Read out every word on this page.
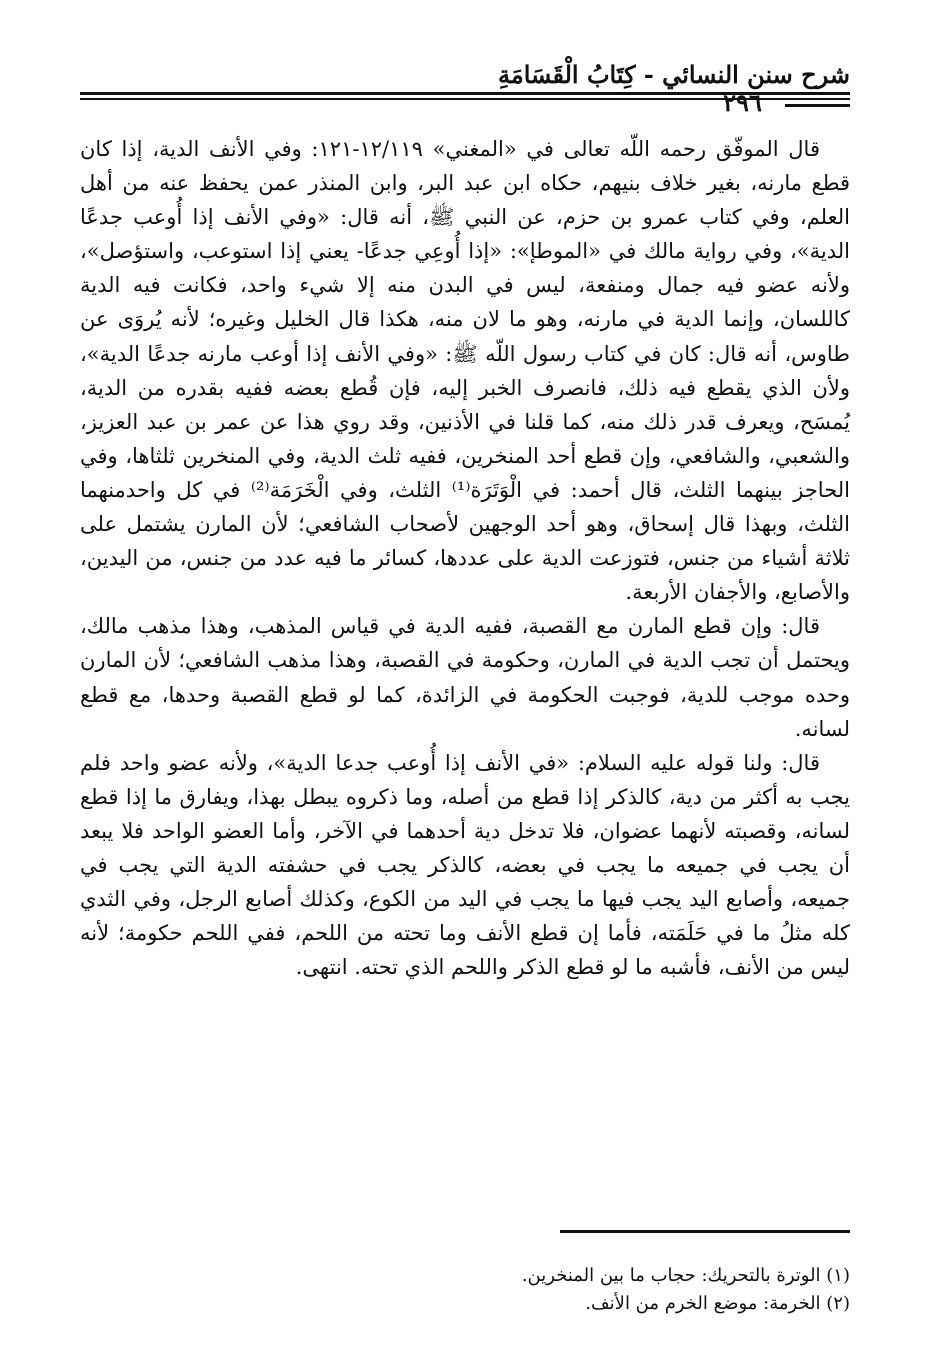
شرح سنن النسائي - كِتَابُ الْقَسَامَةِ
٢٩٦

قال الموفّق رحمه اللّه تعالى في «المغني» ١٢/١١٩-١٢١: وفي الأنف الدية، إذا كان قطع مارنه، بغير خلاف بنيهم، حكاه ابن عبد البر، وابن المنذر عمن يحفظ عنه من أهل العلم، وفي كتاب عمرو بن حزم، عن النبي ﷺ، أنه قال: «وفي الأنف إذا أُوعب جدعًا الدية»، وفي رواية مالك في «الموطإ»: «إذا أُوعِي جدعًا- يعني إذا استوعب، واستؤصل»، ولأنه عضو فيه جمال ومنفعة، ليس في البدن منه إلا شيء واحد، فكانت فيه الدية كاللسان، وإنما الدية في مارنه، وهو ما لان منه، هكذا قال الخليل وغيره؛ لأنه يُروَى عن طاوس، أنه قال: كان في كتاب رسول اللّه ﷺ: «وفي الأنف إذا أوعب مارنه جدعًا الدية»، ولأن الذي يقطع فيه ذلك، فانصرف الخبر إليه، فإن قُطع بعضه ففيه بقدره من الدية، يُمسَح، ويعرف قدر ذلك منه، كما قلنا في الأذنين، وقد روي هذا عن عمر بن عبد العزيز، والشعبي، والشافعي، وإن قطع أحد المنخرين، ففيه ثلث الدية، وفي المنخرين ثلثاها، وفي الحاجز بينهما الثلث، قال أحمد: في الْوَتَرَة⁽¹⁾ الثلث، وفي الْخَرَمَة⁽²⁾ في كل واحدمنهما الثلث، وبهذا قال إسحاق، وهو أحد الوجهين لأصحاب الشافعي؛ لأن المارن يشتمل على ثلاثة أشياء من جنس، فتوزعت الدية على عددها، كسائر ما فيه عدد من جنس، من اليدين، والأصابع، والأجفان الأربعة.

قال: وإن قطع المارن مع القصبة، ففيه الدية في قياس المذهب، وهذا مذهب مالك، ويحتمل أن تجب الدية في المارن، وحكومة في القصبة، وهذا مذهب الشافعي؛ لأن المارن وحده موجب للدية، فوجبت الحكومة في الزائدة، كما لو قطع القصبة وحدها، مع قطع لسانه.

قال: ولنا قوله عليه السلام: «في الأنف إذا أُوعب جدعا الدية»، ولأنه عضو واحد فلم يجب به أكثر من دية، كالذكر إذا قطع من أصله، وما ذكروه يبطل بهذا، ويفارق ما إذا قطع لسانه، وقصبته لأنهما عضوان، فلا تدخل دية أحدهما في الآخر، وأما العضو الواحد فلا يبعد أن يجب في جميعه ما يجب في بعضه، كالذكر يجب في حشفته الدية التي يجب في جميعه، وأصابع اليد يجب فيها ما يجب في اليد من الكوع، وكذلك أصابع الرجل، وفي الثدي كله مثلُ ما في حَلَمَته، فأما إن قطع الأنف وما تحته من اللحم، ففي اللحم حكومة؛ لأنه ليس من الأنف، فأشبه ما لو قطع الذكر واللحم الذي تحته. انتهى.

(١) الوترة بالتحريك: حجاب ما بين المنخرين.
(٢) الخرمة: موضع الخرم من الأنف.
